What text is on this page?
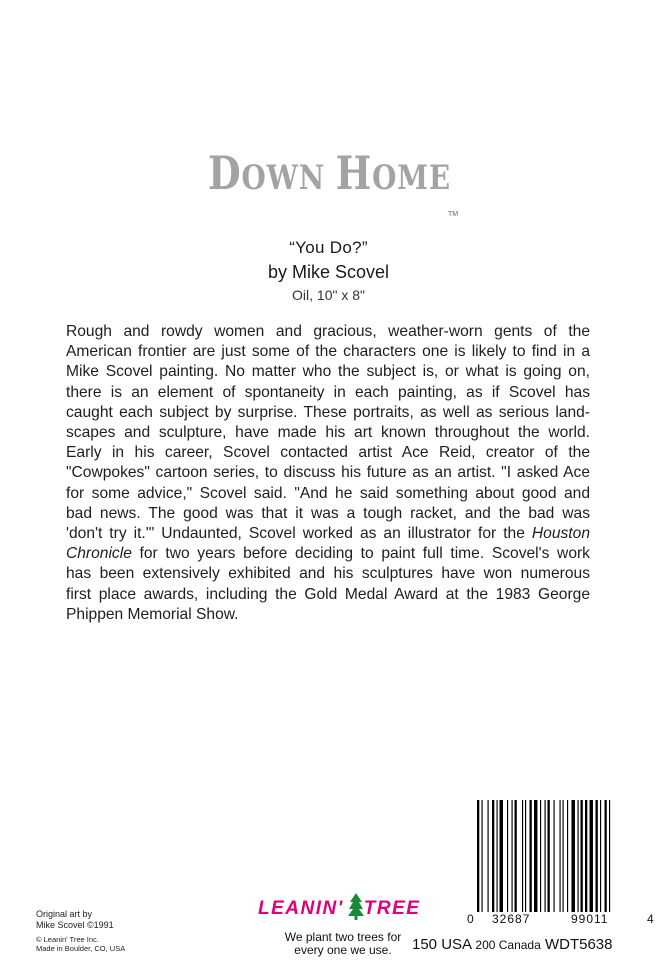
DOWN HOME
TM
“You Do?”
by Mike Scovel
Oil, 10" x 8"
Rough and rowdy women and gracious, weather-worn gents of the
American frontier are just some of the characters one is likely to find in a
Mike Scovel painting. No matter who the subject is, or what is going on,
there is an element of spontaneity in each painting, as if Scovel has
caught each subject by surprise. These portraits, as well as serious land-
scapes and sculpture, have made his art known throughout the world.
Early in his career, Scovel contacted artist Ace Reid, creator of the
"Cowpokes" cartoon series, to discuss his future as an artist. "I asked Ace
for some advice," Scovel said. "And he said something about good and
bad news. The good was that it was a tough racket, and the bad was
'don't try it.'" Undaunted, Scovel worked as an illustrator for the Houston
Chronicle for two years before deciding to paint full time. Scovel's work
has been extensively exhibited and his sculptures have won numerous
first place awards, including the Gold Medal Award at the 1983 George
Phippen Memorial Show.
Original art by
Mike Scovel ©1991
© Leanin' Tree Inc.
Made in Boulder, CO, USA
LEANIN' TREE
We plant two trees for
every one we use.
0 32687	99011	4
150 USA 200 Canada WDT5638
